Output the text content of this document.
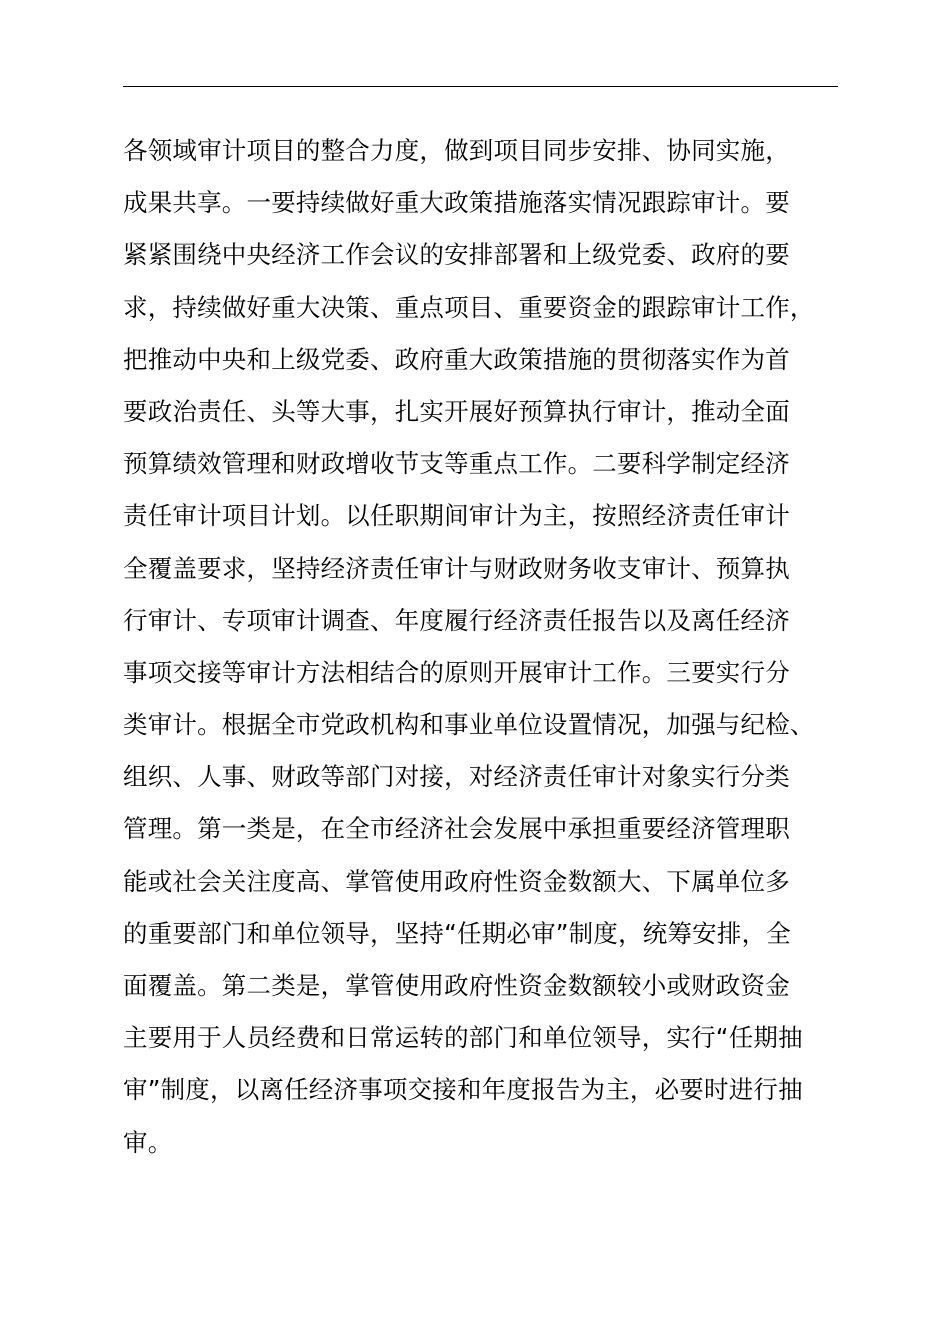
各领域审计项目的整合力度，做到项目同步安排、协同实施，
成果共享。一要持续做好重大政策措施落实情况跟踪审计。要
紧紧围绕中央经济工作会议的安排部署和上级党委、政府的要
求，持续做好重大决策、重点项目、重要资金的跟踪审计工作，
把推动中央和上级党委、政府重大政策措施的贯彻落实作为首
要政治责任、头等大事，扎实开展好预算执行审计，推动全面
预算绩效管理和财政增收节支等重点工作。二要科学制定经济
责任审计项目计划。以任职期间审计为主，按照经济责任审计
全覆盖要求，坚持经济责任审计与财政财务收支审计、预算执
行审计、专项审计调查、年度履行经济责任报告以及离任经济
事项交接等审计方法相结合的原则开展审计工作。三要实行分
类审计。根据全市党政机构和事业单位设置情况，加强与纪检、
组织、人事、财政等部门对接，对经济责任审计对象实行分类
管理。第一类是，在全市经济社会发展中承担重要经济管理职
能或社会关注度高、掌管使用政府性资金数额大、下属单位多
的重要部门和单位领导，坚持“任期必审”制度，统筹安排，全
面覆盖。第二类是，掌管使用政府性资金数额较小或财政资金
主要用于人员经费和日常运转的部门和单位领导，实行“任期抽
审”制度，以离任经济事项交接和年度报告为主，必要时进行抽
审。
